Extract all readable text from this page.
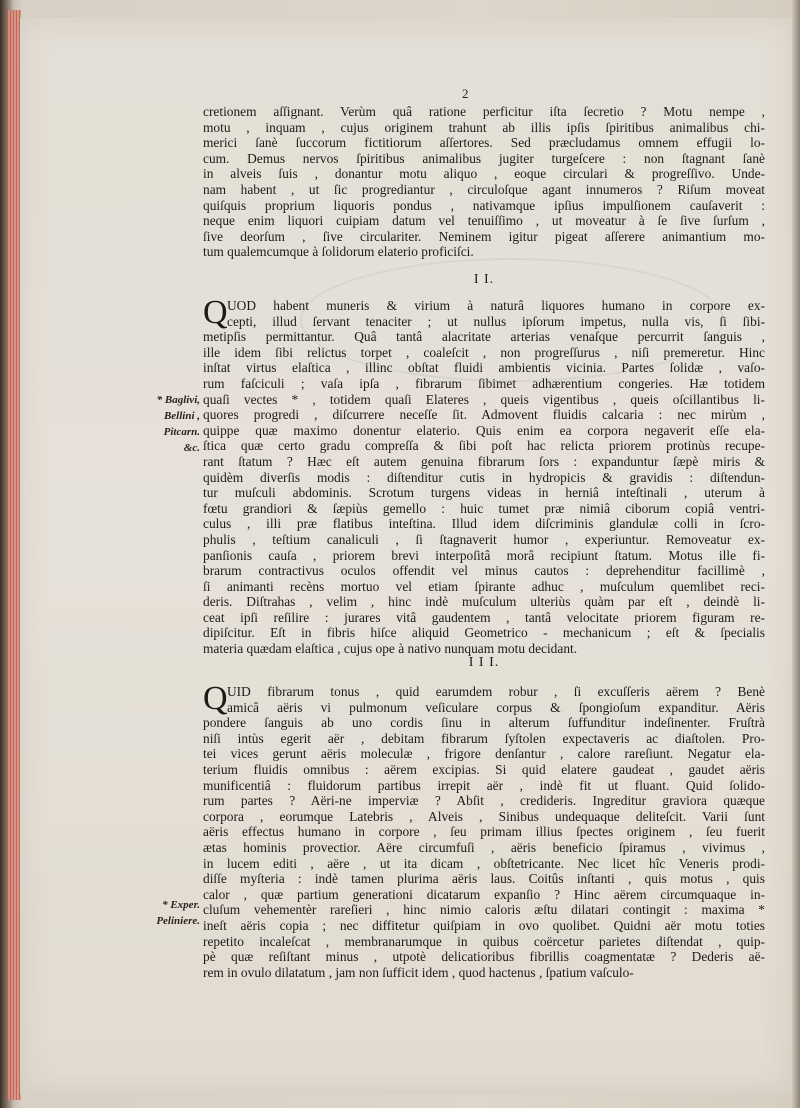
2
cretionem aſſignant. Verùm quâ ratione perficitur iſta ſecretio ? Motu nempe ,
motu , inquam , cujus originem trahunt ab illis ipſis ſpiritibus animalibus chi-
merici ſanè ſuccorum fictitiorum aſſertores. Sed præcludamus omnem effugii lo-
cum. Demus nervos ſpiritibus animalibus jugiter turgeſcere : non ſtagnant ſanè
in alveis ſuis , donantur motu aliquo , eoque circulari & progreſſivo. Unde-
nam habent , ut ſic progrediantur , circuloſque agant innumeros ? Riſum moveat
quiſquis proprium liquoris pondus , nativamque ipſius impulſionem cauſaverit :
neque enim liquori cuipiam datum vel tenuiſſimo , ut moveatur à ſe ſive ſurſum ,
ſive deorſum , ſive circulariter. Neminem igitur pigeat aſſerere animantium mo-
tum qualemcumque à ſolidorum elaterio proficiſci.
I I.
UOD habent muneris & virium à naturâ liquores humano in corpore ex-
cepti, illud ſervant tenaciter ; ut nullus ipſorum impetus, nulla vis, ſi ſibi-
metipſis permittantur. Quâ tantâ alacritate arterias venaſque percurrit ſanguis ,
ille idem ſibi relictus torpet , coaleſcit , non progreſſurus , niſi premeretur. Hinc
inſtat virtus elaſtica , illinc obſtat fluidi ambientis vicinia. Partes ſolidæ , vaſo-
rum faſciculi ; vaſa ipſa , fibrarum ſibimet adhærentium congeries. Hæ totidem
quaſi vectes * , totidem quaſi Elateres , queis vigentibus , queis oſcillantibus li-
quores progredi , diſcurrere neceſſe ſit. Admovent fluidis calcaria : nec mirùm ,
quippe quæ maximo donentur elaterio. Quis enim ea corpora negaverit eſſe ela-
ſtica quæ certo gradu compreſſa & ſibi poſt hac relicta priorem protinùs recupe-
rant ſtatum ? Hæc eſt autem genuina fibrarum ſors : expanduntur ſæpè miris &
quidèm diverſis modis : diſtenditur cutis in hydropicis & gravidis : diſtendun-
tur muſculi abdominis. Scrotum turgens videas in herniâ inteſtinali , uterum à
fœtu grandiori & ſæpiùs gemello : huic tumet præ nimiâ ciborum copiâ ventri-
culus , illi præ flatibus inteſtina. Illud idem diſcriminis glandulæ colli in ſcro-
phulis , teſtium canaliculi , ſi ſtagnaverit humor , experiuntur. Removeatur ex-
panſionis cauſa , priorem brevi interpoſitâ morâ recipiunt ſtatum. Motus ille fi-
brarum contractivus oculos offendit vel minus cautos : deprehenditur facillimè ,
ſi animanti recèns mortuo vel etiam ſpirante adhuc , muſculum quemlibet reci-
deris. Diſtrahas , velim , hinc indè muſculum ulteriùs quàm par eſt , deindè li-
ceat ipſi reſilire : jurares vitâ gaudentem , tantâ velocitate priorem figuram re-
dipiſcitur. Eſt in fibris hiſce aliquid Geometrico - mechanicum ; eſt & ſpecialis
materia quædam elaſtica , cujus ope à nativo nunquam motu decidant.
Q
I I I.
UID fibrarum tonus , quid earumdem robur , ſi excuſſeris aërem ? Benè
amicâ aëris vi pulmonum veſiculare corpus & ſpongioſum expanditur. Aëris
pondere ſanguis ab uno cordis ſinu in alterum ſuffunditur indeſinenter. Fruſtrà
niſi intùs egerit aër , debitam fibrarum ſyſtolen expectaveris ac diaſtolen. Pro-
tei vices gerunt aëris moleculæ , frigore denſantur , calore rareſiunt. Negatur ela-
terium fluidis omnibus : aërem excipias. Si quid elatere gaudeat , gaudet aëris
munificentiâ : fluidorum partibus irrepit aër , indè fit ut fluant. Quid ſolido-
rum partes ? Aëri-ne imperviæ ? Abſit , credideris. Ingreditur graviora quæque
corpora , eorumque Latebris , Alveis , Sinibus undequaque deliteſcit. Varii ſunt
aëris effectus humano in corpore , ſeu primam illius ſpectes originem , ſeu fuerit
ætas hominis provectior. Aëre circumfuſi , aëris beneficio ſpiramus , vivimus ,
in lucem editi , aëre , ut ita dicam , obſtetricante. Nec licet hîc Veneris prodi-
diſſe myſteria : indè tamen plurima aëris laus. Coitûs inſtanti , quis motus , quis
calor , quæ partium generationi dicatarum expanſio ? Hinc aërem circumquaque in-
cluſum vehementèr rareſieri , hinc nimio caloris æſtu dilatari contingit : maxima *
ineſt aëris copia ; nec diffitetur quiſpiam in ovo quolibet. Quidni aër motu toties
repetito incaleſcat , membranarumque in quibus coërcetur parietes diſtendat , quip-
pè quæ reſiſtant minus , utpotè delicatioribus fibrillis coagmentatæ ? Dederis aë-
rem in ovulo dilatatum , jam non ſufficit idem , quod hactenus , ſpatium vaſculo-
Q
* Baglivi,
Bellini ,
Pitcarn.
&c.
* Exper.
Peliniere.
